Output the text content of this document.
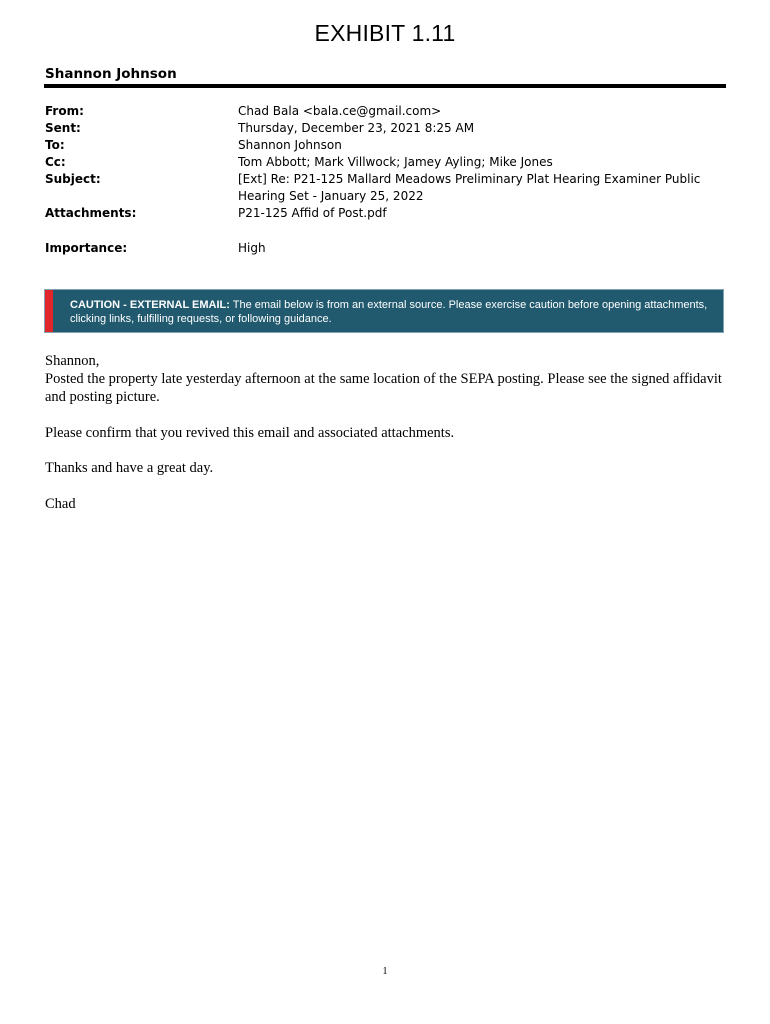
EXHIBIT 1.11
Shannon Johnson
From:	Chad Bala <bala.ce@gmail.com>
Sent:	Thursday, December 23, 2021 8:25 AM
To:	Shannon Johnson
Cc:	Tom Abbott; Mark Villwock; Jamey Ayling; Mike Jones
Subject:	[Ext] Re: P21-125 Mallard Meadows Preliminary Plat Hearing Examiner Public Hearing Set - January 25, 2022
Attachments:	P21-125 Affid of Post.pdf
Importance:	High
CAUTION - EXTERNAL EMAIL: The email below is from an external source. Please exercise caution before opening attachments, clicking links, fulfilling requests, or following guidance.
Shannon,
Posted the property late yesterday afternoon at the same location of the SEPA posting. Please see the signed affidavit and posting picture.
Please confirm that you revived this email and associated attachments.
Thanks and have a great day.
Chad
1
